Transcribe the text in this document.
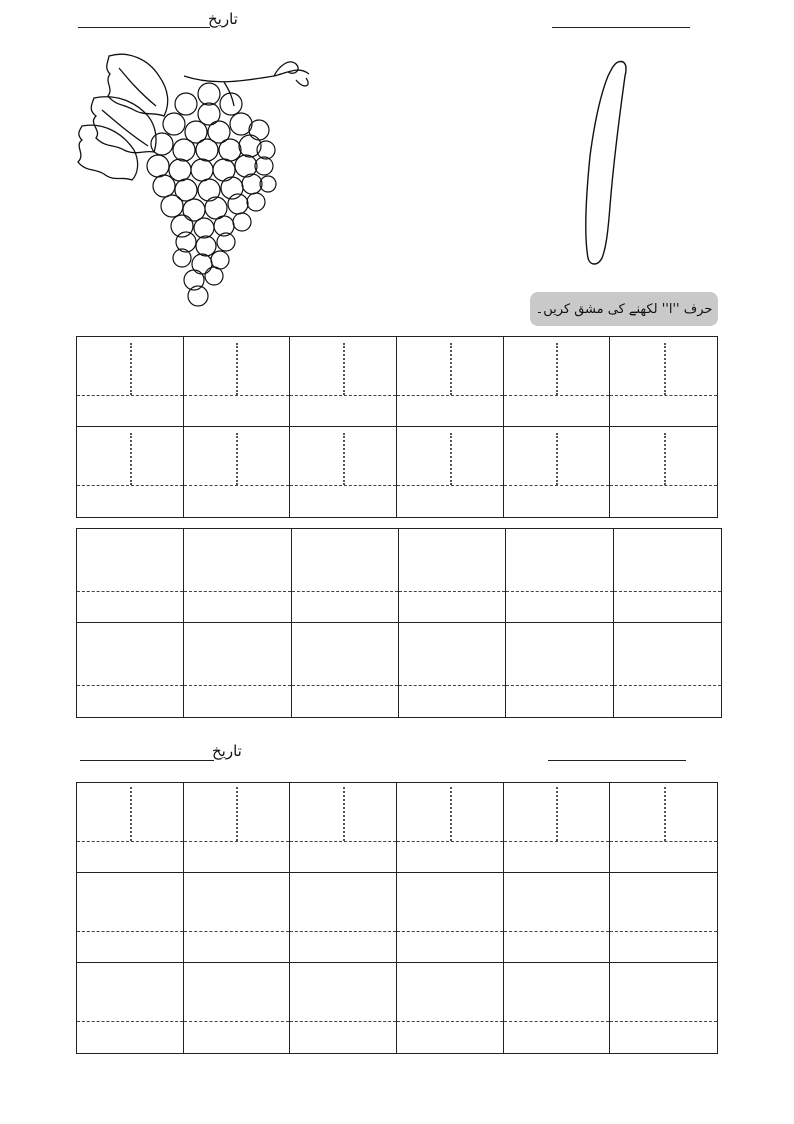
تاریخ
حرف ''ا'' لکھنے کی مشق کریں۔
تاریخ
